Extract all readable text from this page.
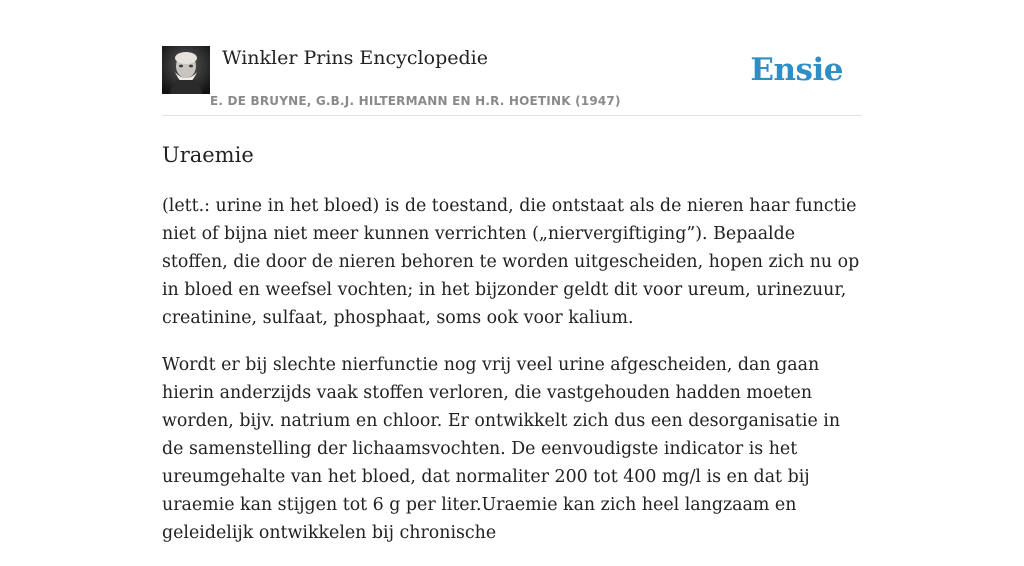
Winkler Prins Encyclopedie
E. DE BRUYNE, G.B.J. HILTERMANN EN H.R. HOETINK (1947)
Ensie
Uraemie

(lett.: urine in het bloed) is de toestand, die ontstaat als de nieren haar functie niet of bijna niet meer kunnen verrichten („niervergiftiging”). Bepaalde stoffen, die door de nieren behoren te worden uitgescheiden, hopen zich nu op in bloed en weefsel vochten; in het bijzonder geldt dit voor ureum, urinezuur, creatinine, sulfaat, phosphaat, soms ook voor kalium.

Wordt er bij slechte nierfunctie nog vrij veel urine afgescheiden, dan gaan hierin anderzijds vaak stoffen verloren, die vastgehouden hadden moeten worden, bijv. natrium en chloor. Er ontwikkelt zich dus een desorganisatie in de samenstelling der lichaamsvochten. De eenvoudigste indicator is het ureumgehalte van het bloed, dat normaliter 200 tot 400 mg/l is en dat bij uraemie kan stijgen tot 6 g per liter.Uraemie kan zich heel langzaam en geleidelijk ontwikkelen bij chronische
